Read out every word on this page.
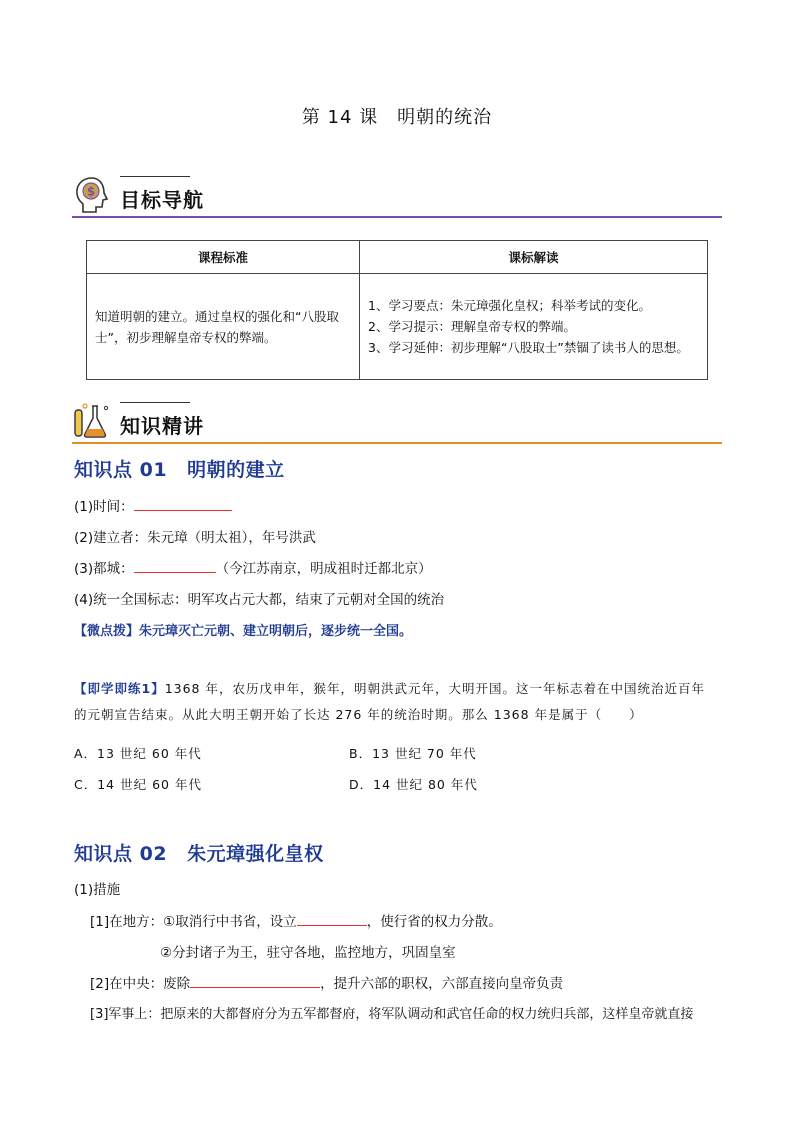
第 14 课　明朝的统治
$ 目标导航
课程标准	课标解读
知道明朝的建立。通过皇权的强化和“八股取士”，初步理解皇帝专权的弊端。	1、学习要点：朱元璋强化皇权；科举考试的变化。
2、学习提示：理解皇帝专权的弊端。
3、学习延伸：初步理解“八股取士”禁锢了读书人的思想。
知识精讲
知识点 01 明朝的建立
(1)时间：
(2)建立者：朱元璋（明太祖），年号洪武
(3)都城：	（今江苏南京，明成祖时迁都北京）
(4)统一全国标志：明军攻占元大都，结束了元朝对全国的统治
【微点拨】朱元璋灭亡元朝、建立明朝后，逐步统一全国。
【即学即练1】1368 年，农历戊申年，猴年，明朝洪武元年，大明开国。这一年标志着在中国统治近百年
的元朝宣告结束。从此大明王朝开始了长达 276 年的统治时期。那么 1368 年是属于（　　）
A．13 世纪 60 年代	B．13 世纪 70 年代
C．14 世纪 60 年代	D．14 世纪 80 年代
知识点 02 朱元璋强化皇权
(1)措施
[1]在地方：①取消行中书省，设立	，使行省的权力分散。
②分封诸子为王，驻守各地，监控地方，巩固皇室
[2]在中央：废除	，提升六部的职权，六部直接向皇帝负责
[3]军事上：把原来的大都督府分为五军都督府，将军队调动和武官任命的权力统归兵部，这样皇帝就直接
